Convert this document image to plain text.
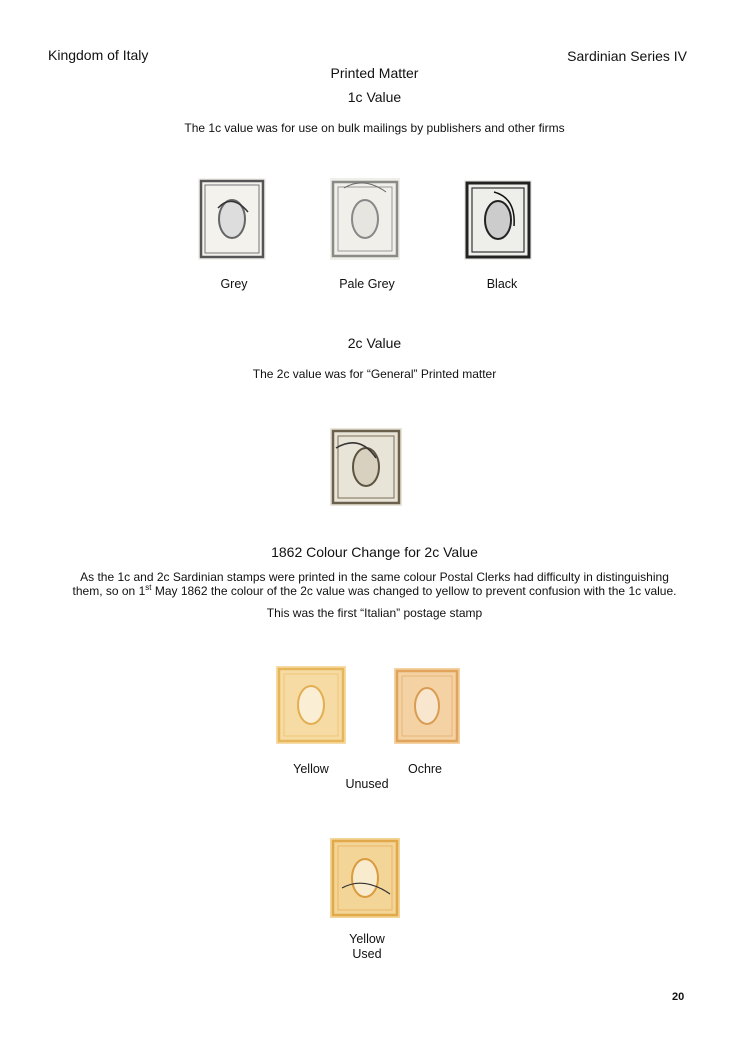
Kingdom of Italy	Sardinian Series IV
Printed Matter
1c Value
The 1c value was for use on bulk mailings by publishers and other firms
Grey	Pale Grey	Black
2c Value
The 2c value was for “General” Printed matter
1862 Colour Change for 2c Value
As the 1c and 2c Sardinian stamps were printed in the same colour Postal Clerks had difficulty in distinguishing
them, so on 1st May 1862 the colour of the 2c value was changed to yellow to prevent confusion with the 1c value.
This was the first “Italian” postage stamp
Yellow	Ochre
Unused
Yellow
Used
20
